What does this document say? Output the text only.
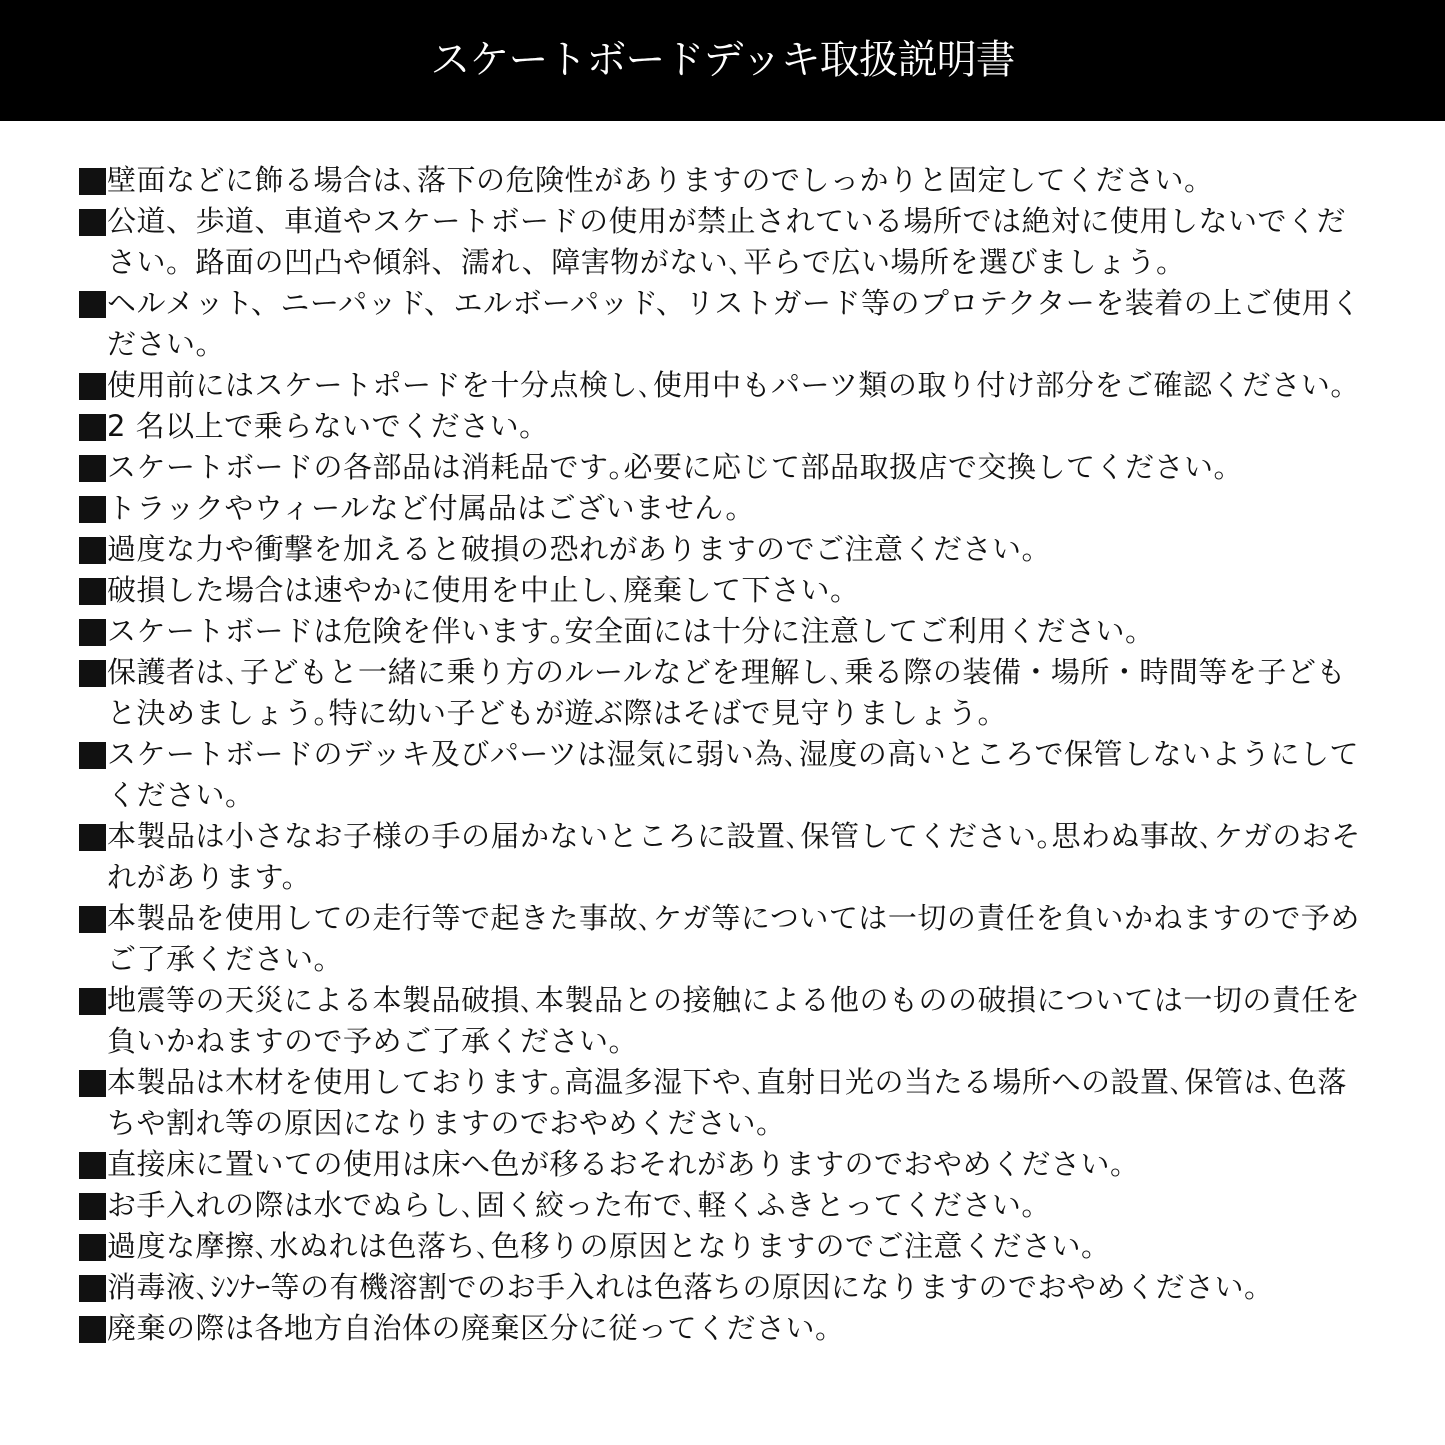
スケートボードデッキ取扱説明書
壁面などに飾る場合は､落下の危険性がありますのでしっかりと固定してください。
公道、歩道、車道やスケートボードの使用が禁止されている場所では絶対に使用しないでください。路面の凹凸や傾斜、濡れ、障害物がない､平らで広い場所を選びましょう。
ヘルメット、ニーパッド、エルボーパッド、リストガード等のプロテクターを装着の上ご使用ください。
使用前にはスケートポードを十分点検し､使用中もパーツ類の取り付け部分をご確認ください。
2 名以上で乗らないでください。
スケートボードの各部品は消耗品です｡必要に応じて部品取扱店で交換してください。
トラックやウィールなど付属品はございません。
過度な力や衝撃を加えると破損の恐れがありますのでご注意ください。
破損した場合は速やかに使用を中止し､廃棄して下さい。
スケートボードは危険を伴います｡安全面には十分に注意してご利用ください。
保護者は､子どもと一緒に乗り方のルールなどを理解し､乗る際の装備・場所・時間等を子どもと決めましょう｡特に幼い子どもが遊ぶ際はそばで見守りましょう。
スケートボードのデッキ及びパーツは湿気に弱い為､湿度の高いところで保管しないようにしてください。
本製品は小さなお子様の手の届かないところに設置､保管してください｡思わぬ事故､ケガのおそれがあります。
本製品を使用しての走行等で起きた事故､ケガ等については一切の責任を負いかねますので予めご了承ください。
地震等の天災による本製品破損､本製品との接触による他のものの破損については一切の責任を負いかねますので予めご了承ください。
本製品は木材を使用しております｡高温多湿下や､直射日光の当たる場所への設置､保管は､色落ちや割れ等の原因になりますのでおやめください。
直接床に置いての使用は床へ色が移るおそれがありますのでおやめください。
お手入れの際は水でぬらし､固く絞った布で､軽くふきとってください。
過度な摩擦､水ぬれは色落ち､色移りの原因となりますのでご注意ください。
消毒液､ｼﾝﾅｰ等の有機溶割でのお手入れは色落ちの原因になりますのでおやめください。
廃棄の際は各地方自治体の廃棄区分に従ってください。
